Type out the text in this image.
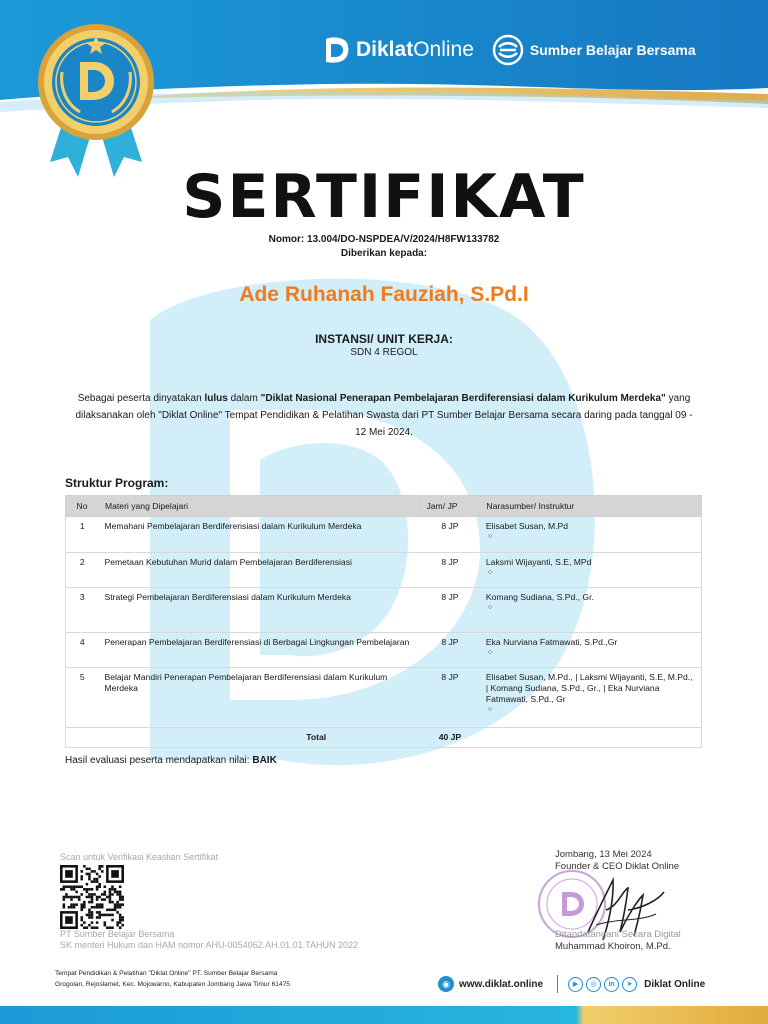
Diklat Online	Sumber Belajar Bersama
SERTIFIKAT
Nomor: 13.004/DO-NSPDEA/V/2024/H8FW133782
Diberikan kepada:
Ade Ruhanah Fauziah, S.Pd.I
INSTANSI/ UNIT KERJA:
SDN 4 REGOL
Sebagai peserta dinyatakan lulus dalam "Diklat Nasional Penerapan Pembelajaran Berdiferensiasi dalam Kurikulum Merdeka" yang dilaksanakan oleh "Diklat Online" Tempat Pendidikan & Pelatihan Swasta dari PT Sumber Belajar Bersama secara daring pada tanggal 09 - 12 Mei 2024.
Struktur Program:
No	Materi yang Dipelajari	Jam/ JP	Narasumber/ Instruktur
1	Memahani Pembelajaran Berdiferensiasi dalam Kurikulum Merdeka	8 JP	Elisabet Susan, M.Pd
○

2	Pemetaan Kebutuhan Murid dalam Pembelajaran Berdiferensiasi	8 JP	Laksmi Wijayanti, S.E, MPd
○

3	Strategi Pembelajaran Berdiferensiasi dalam Kurikulum Merdeka	8 JP	Komang Sudiana, S.Pd., Gr.
○

4	Penerapan Pembelajaran Berdiferensiasi di Berbagai Lingkungan Pembelajaran	8 JP	Eka Nurviana Fatmawati, S.Pd.,Gr
○

5	Belajar Mandiri Penerapan Pembelajaran Berdiferensiasi dalam Kurikulum Merdeka	8 JP	Elisabet Susan, M.Pd., | Laksmi Wijayanti, S.E, M.Pd., | Komang Sudiana, S.Pd., Gr., | Eka Nurviana Fatmawati, S.Pd., Gr
○

	Total	40 JP	
Hasil evaluasi peserta mendapatkan nilai: BAIK
Scan untuk Verifikasi Keaslian Sertifikat
PT Sumber Belajar Bersama
SK menteri Hukum dan HAM nomor AHU-0054062.AH.01.01.TAHUN 2022
Jombang, 13 Mei 2024
Founder & CEO Diklat Online
Ditandatangani Secara Digital
Muhammad Khoiron, M.Pd.
Tempat Pendidikan & Pelatihan "Diklat Online" PT. Sumber Belajar Bersama
Grogolan, Rejoslamet, Kec. Mojowarno, Kabupaten Jombang Jawa Timur 61475	◉ www.diklat.online	▶	◎	in	➤	Diklat Online
